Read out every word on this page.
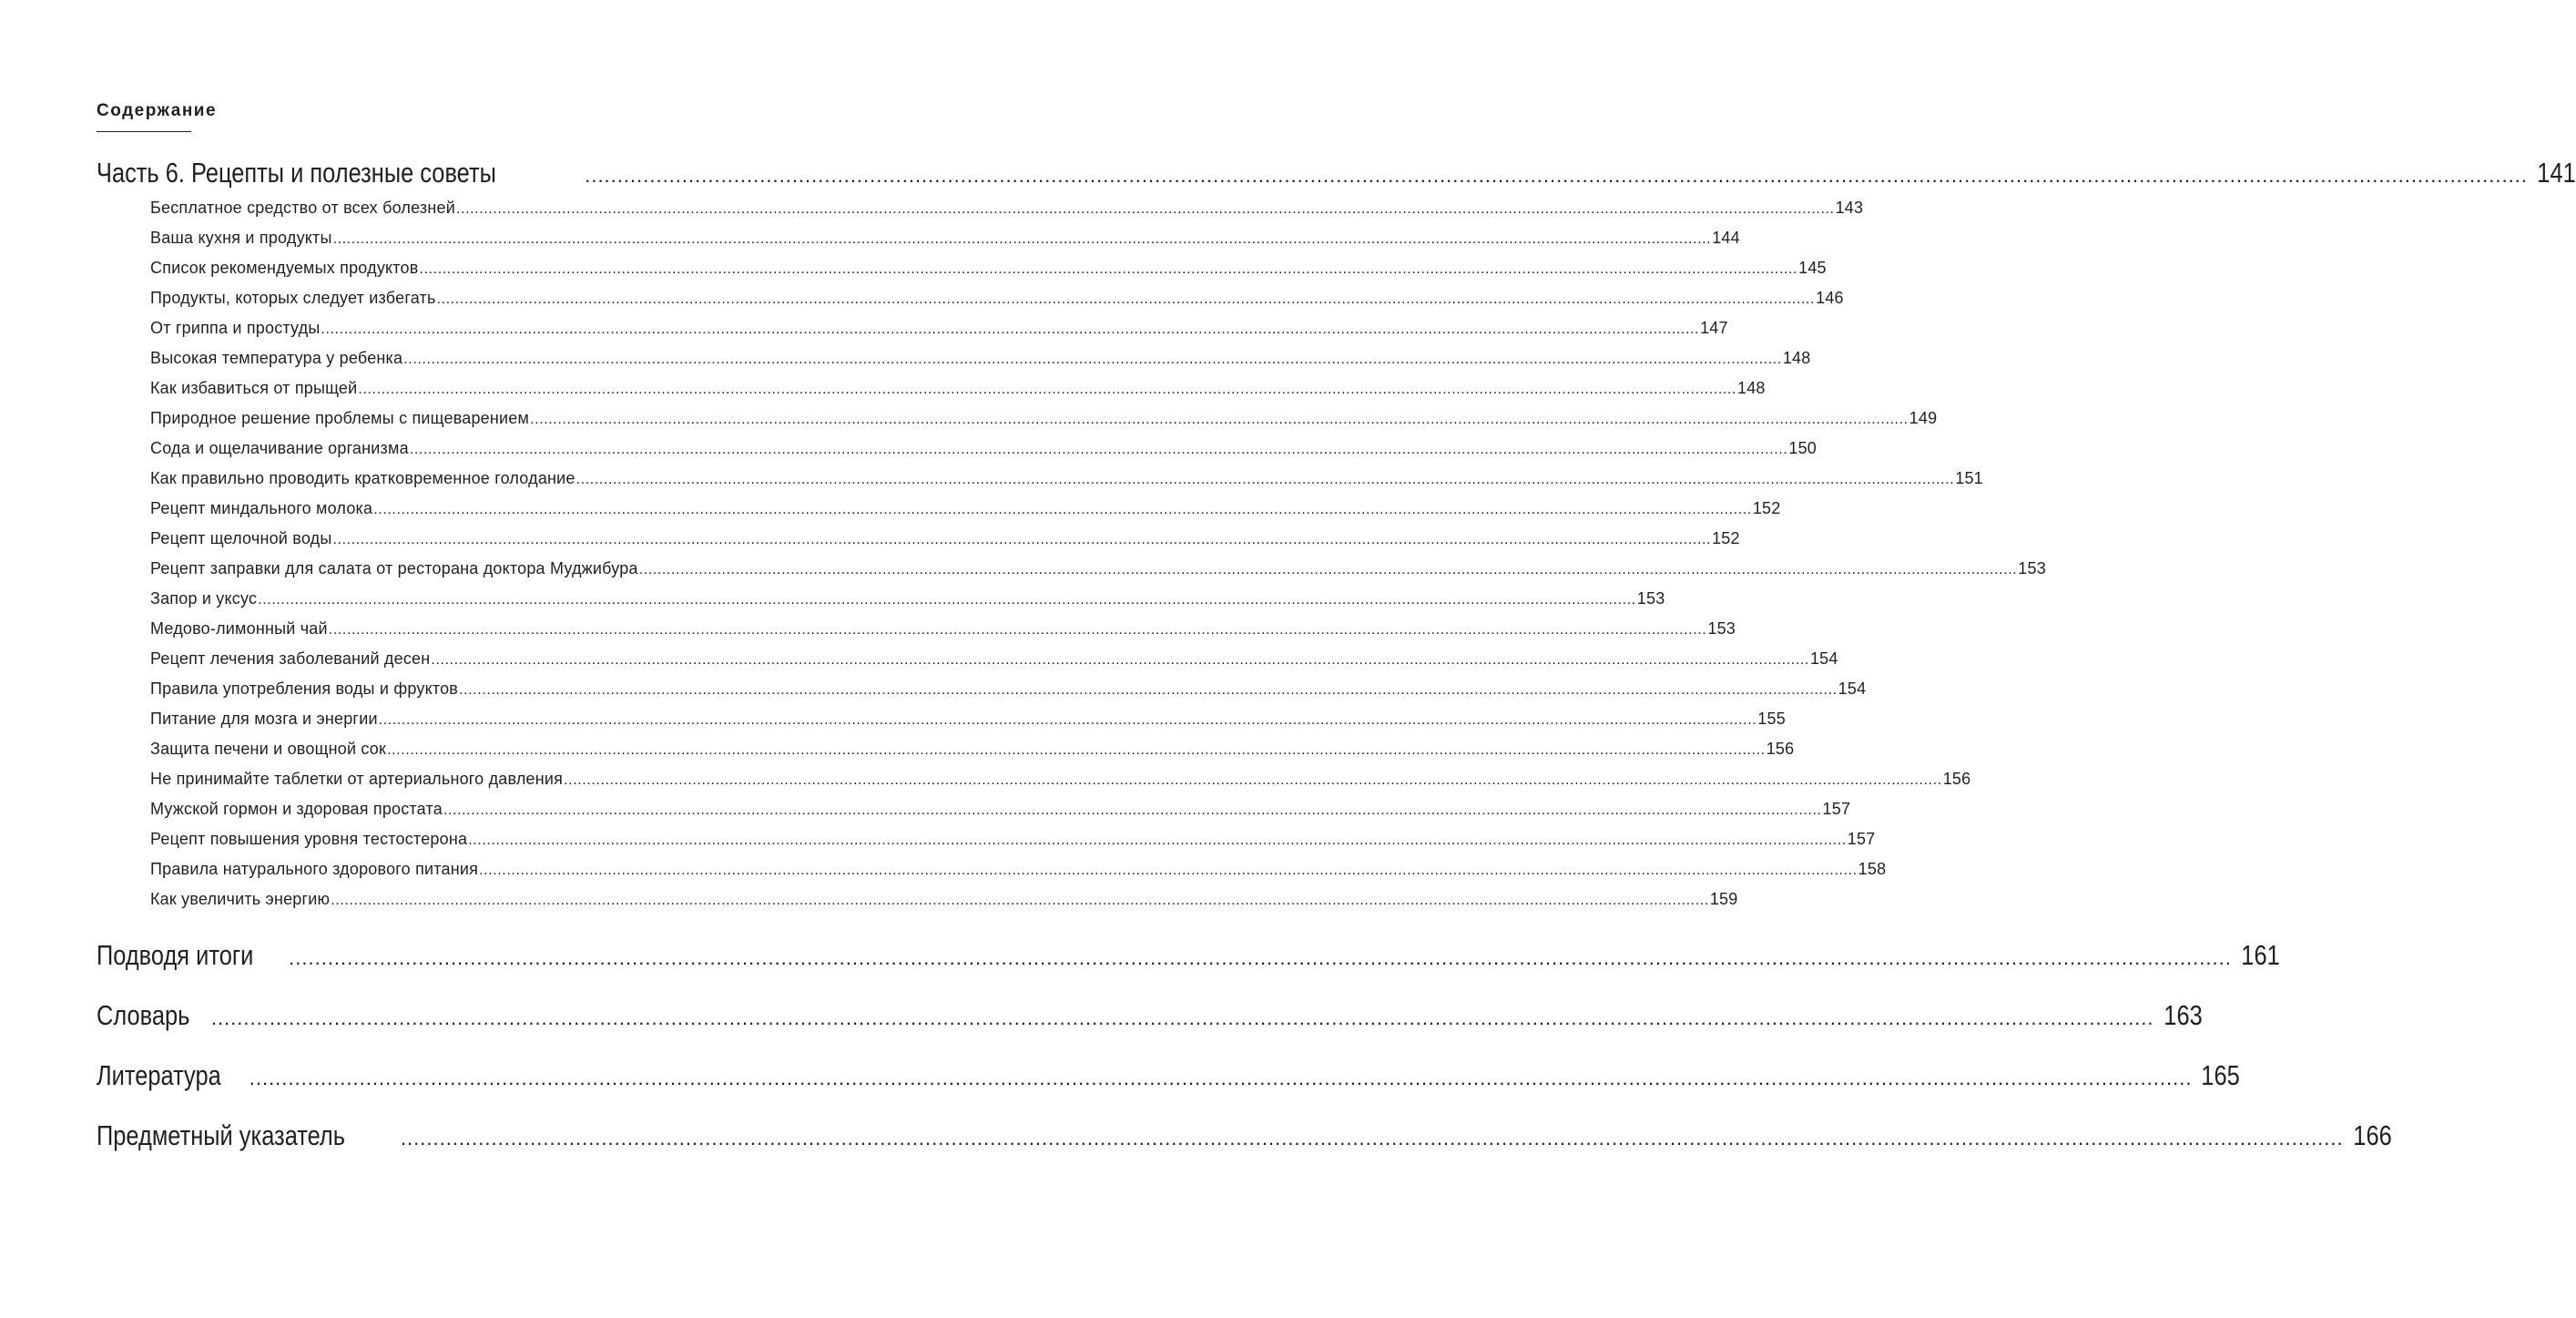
Содержание
Часть 6. Рецепты и полезные советы	............................................................................................................................................................................................................................................................................................................ 141
Бесплатное средство от всех болезней ............................................................................................................................................................................................................................................................................................................ 143
Ваша кухня и продукты ............................................................................................................................................................................................................................................................................................................ 144
Список рекомендуемых продуктов ............................................................................................................................................................................................................................................................................................................ 145
Продукты, которых следует избегать ............................................................................................................................................................................................................................................................................................................ 146
От гриппа и простуды ............................................................................................................................................................................................................................................................................................................ 147
Высокая температура у ребенка ............................................................................................................................................................................................................................................................................................................ 148
Как избавиться от прыщей ............................................................................................................................................................................................................................................................................................................ 148
Природное решение проблемы с пищеварением ............................................................................................................................................................................................................................................................................................................ 149
Сода и ощелачивание организма ............................................................................................................................................................................................................................................................................................................ 150
Как правильно проводить кратковременное голодание ............................................................................................................................................................................................................................................................................................................ 151
Рецепт миндального молока ............................................................................................................................................................................................................................................................................................................ 152
Рецепт щелочной воды ............................................................................................................................................................................................................................................................................................................ 152
Рецепт заправки для салата от ресторана доктора Муджибура ............................................................................................................................................................................................................................................................................................................ 153
Запор и уксус ............................................................................................................................................................................................................................................................................................................ 153
Медово-лимонный чай ............................................................................................................................................................................................................................................................................................................ 153
Рецепт лечения заболеваний десен ............................................................................................................................................................................................................................................................................................................ 154
Правила употребления воды и фруктов ............................................................................................................................................................................................................................................................................................................ 154
Питание для мозга и энергии ............................................................................................................................................................................................................................................................................................................ 155
Защита печени и овощной сок ............................................................................................................................................................................................................................................................................................................ 156
Не принимайте таблетки от артериального давления ............................................................................................................................................................................................................................................................................................................ 156
Мужской гормон и здоровая простата ............................................................................................................................................................................................................................................................................................................ 157
Рецепт повышения уровня тестостерона ............................................................................................................................................................................................................................................................................................................ 157
Правила натурального здорового питания ............................................................................................................................................................................................................................................................................................................ 158
Как увеличить энергию ............................................................................................................................................................................................................................................................................................................ 159
Подводя итоги ............................................................................................................................................................................................................................................................................................................ 161
Словарь ............................................................................................................................................................................................................................................................................................................ 163
Литература ............................................................................................................................................................................................................................................................................................................ 165
Предметный указатель	............................................................................................................................................................................................................................................................................................................ 166
